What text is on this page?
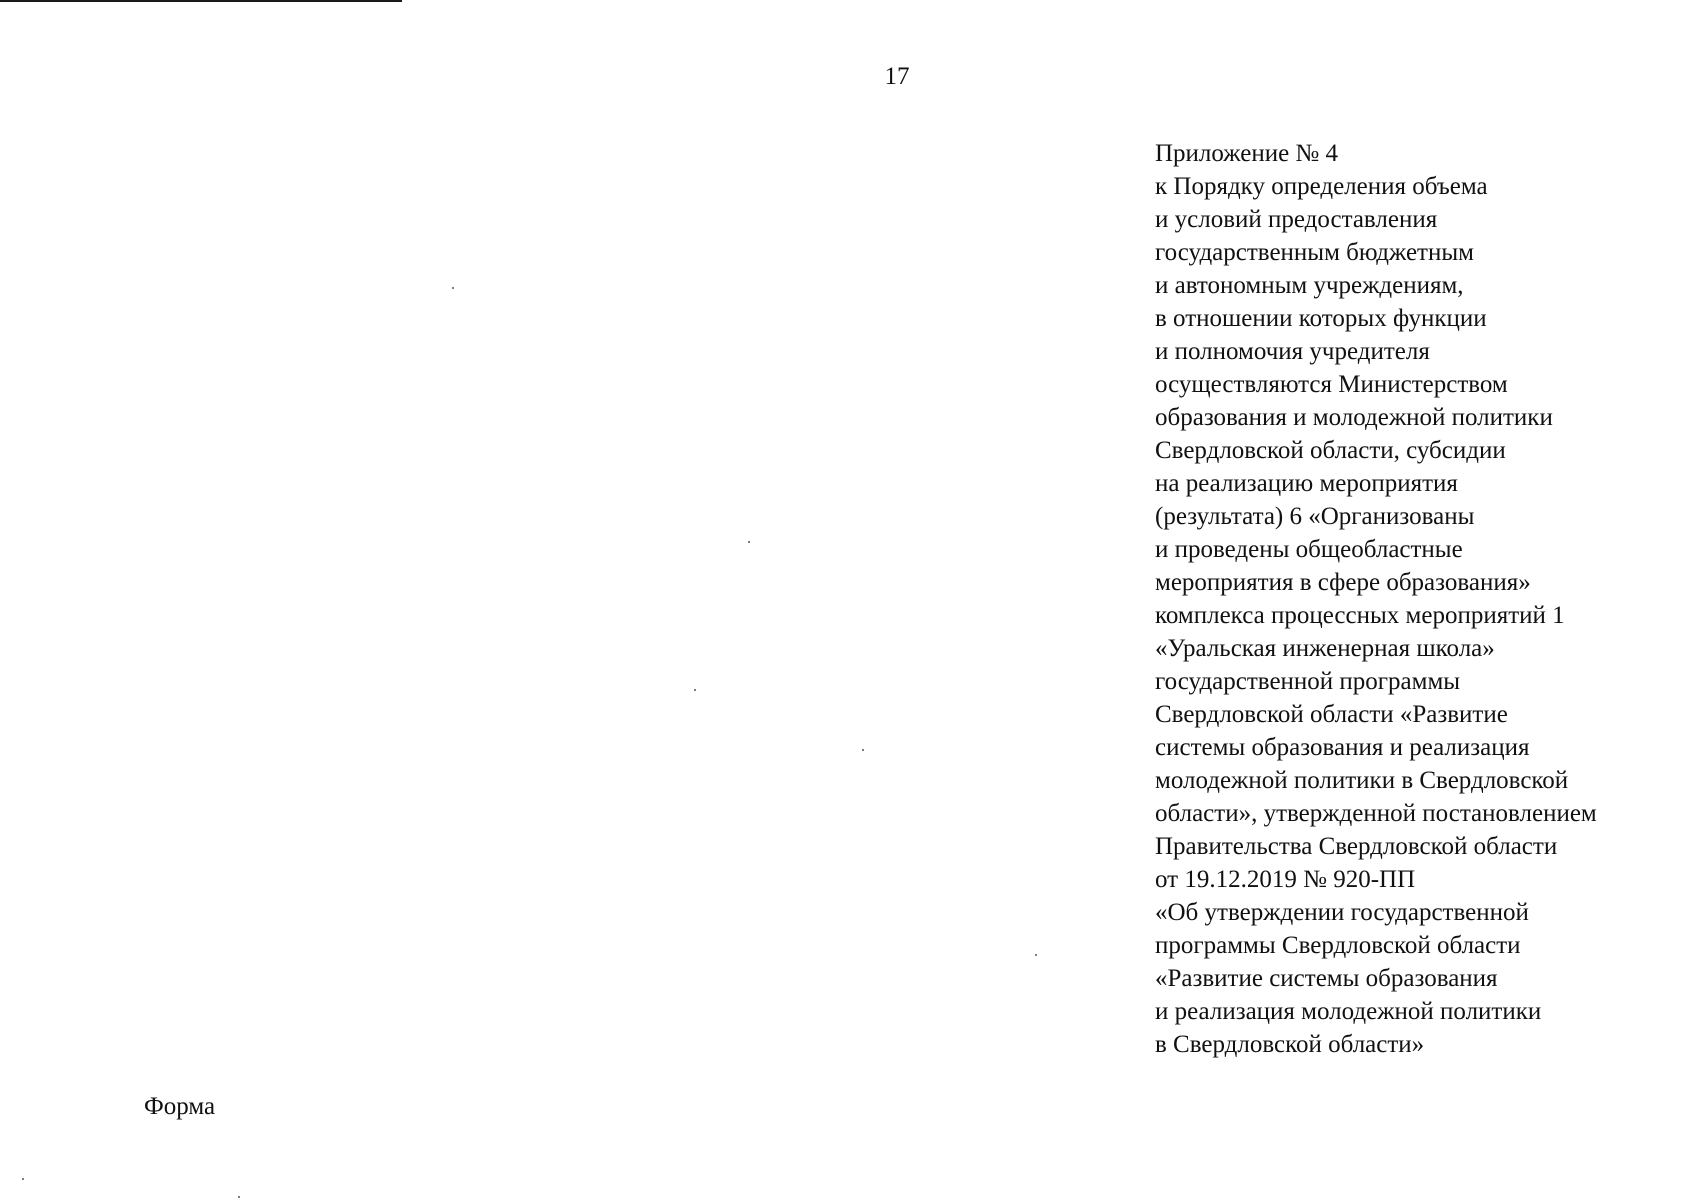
17
Приложение № 4
к Порядку определения объема
и условий предоставления
государственным бюджетным
и автономным учреждениям,
в отношении которых функции
и полномочия учредителя
осуществляются Министерством
образования и молодежной политики
Свердловской области, субсидии
на реализацию мероприятия
(результата) 6 «Организованы
и проведены общеобластные
мероприятия в сфере образования»
комплекса процессных мероприятий 1
«Уральская инженерная школа»
государственной программы
Свердловской области «Развитие
системы образования и реализация
молодежной политики в Свердловской
области», утвержденной постановлением
Правительства Свердловской области
от 19.12.2019 № 920-ПП
«Об утверждении государственной
программы Свердловской области
«Развитие системы образования
и реализация молодежной политики
в Свердловской области»
Форма
